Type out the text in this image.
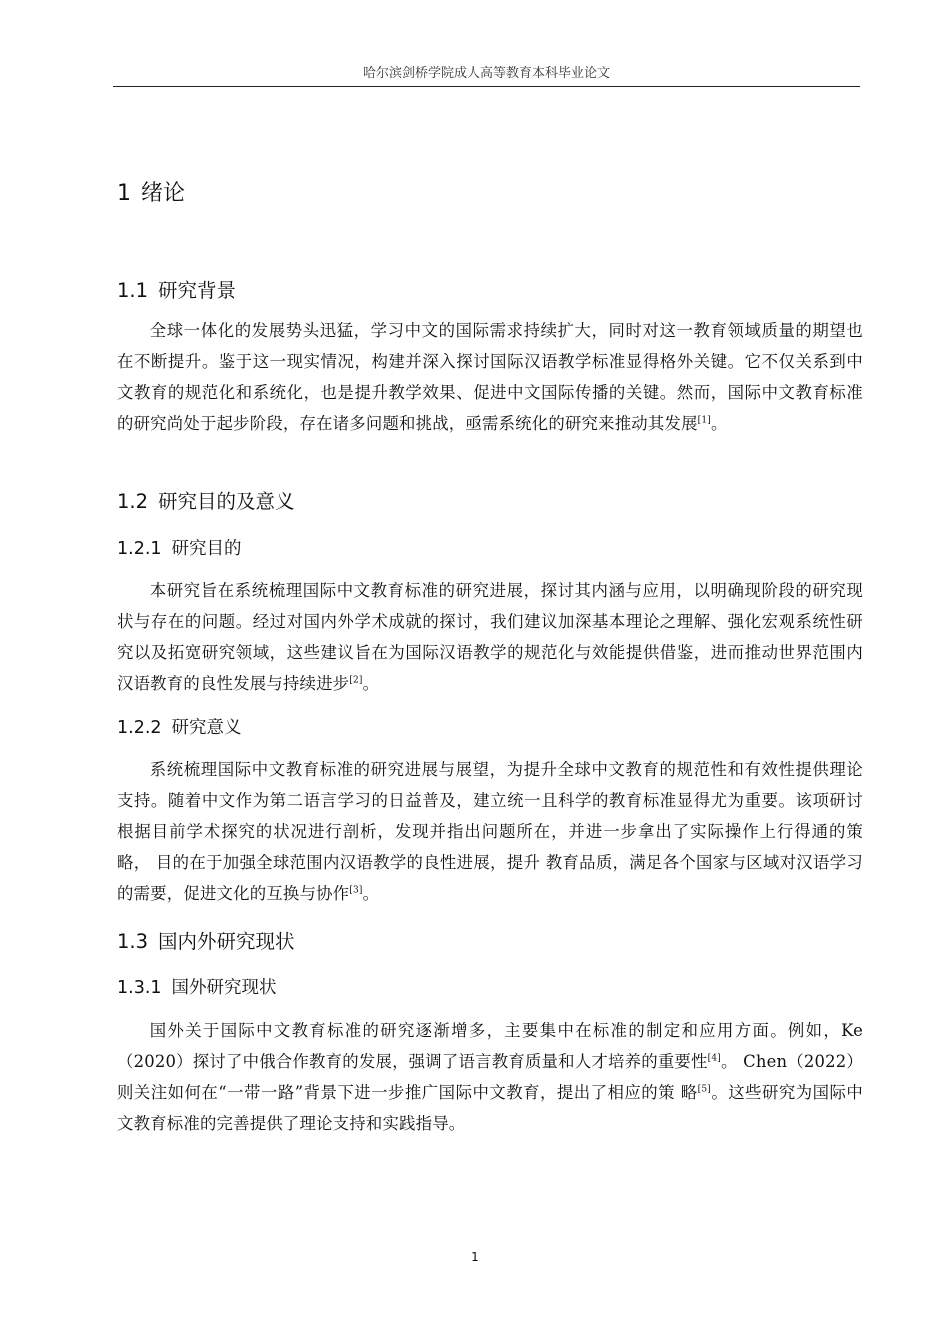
哈尔滨剑桥学院成人高等教育本科毕业论文
1 绪论
1.1 研究背景
全球一体化的发展势头迅猛，学习中文的国际需求持续扩大，同时对这一教育领域质量的期望也在不断提升。鉴于这一现实情况，构建并深入探讨国际汉语教学标准显得格外关键。它不仅关系到中文教育的规范化和系统化，也是提升教学效果、促进中文国际传播的关键。然而，国际中文教育标准的研究尚处于起步阶段，存在诸多问题和挑战，亟需系统化的研究来推动其发展[1]。
1.2 研究目的及意义
1.2.1 研究目的
本研究旨在系统梳理国际中文教育标准的研究进展，探讨其内涵与应用，以明确现阶段的研究现状与存在的问题。经过对国内外学术成就的探讨，我们建议加深基本理论之理解、强化宏观系统性研究以及拓宽研究领域，这些建议旨在为国际汉语教学的规范化与效能提供借鉴，进而推动世界范围内汉语教育的良性发展与持续进步[2]。
1.2.2 研究意义
系统梳理国际中文教育标准的研究进展与展望，为提升全球中文教育的规范性和有效性提供理论支持。随着中文作为第二语言学习的日益普及，建立统一且科学的教育标准显得尤为重要。该项研讨根据目前学术探究的状况进行剖析，发现并指出问题所在，并进一步拿出了实际操作上行得通的策略， 目的在于加强全球范围内汉语教学的良性进展，提升 教育品质，满足各个国家与区域对汉语学习的需要，促进文化的互换与协作[3]。
1.3 国内外研究现状
1.3.1 国外研究现状
国外关于国际中文教育标准的研究逐渐增多，主要集中在标准的制定和应用方面。例如，Ke（2020）探讨了中俄合作教育的发展，强调了语言教育质量和人才培养的重要性[4]。 Chen（2022）则关注如何在“一带一路”背景下进一步推广国际中文教育，提出了相应的策 略[5]。这些研究为国际中文教育标准的完善提供了理论支持和实践指导。
1
